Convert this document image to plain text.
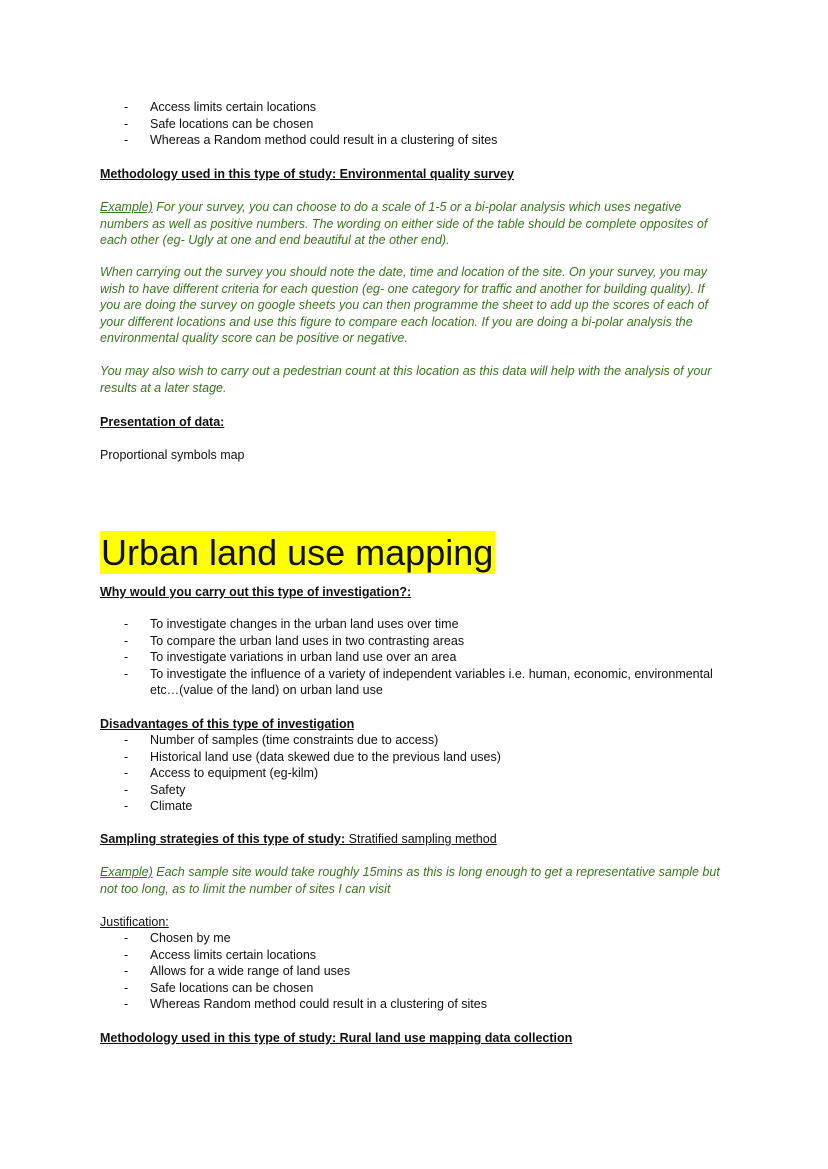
- Access limits certain locations
- Safe locations can be chosen
- Whereas a Random method could result in a clustering of sites
Methodology used in this type of study: Environmental quality survey

Example) For your survey, you can choose to do a scale of 1-5 or a bi-polar analysis which uses negative numbers as well as positive numbers. The wording on either side of the table should be complete opposites of each other (eg- Ugly at one and end beautiful at the other end).

When carrying out the survey you should note the date, time and location of the site. On your survey, you may wish to have different criteria for each question (eg- one category for traffic and another for building quality). If you are doing the survey on google sheets you can then programme the sheet to add up the scores of each of your different locations and use this figure to compare each location. If you are doing a bi-polar analysis the environmental quality score can be positive or negative.

You may also wish to carry out a pedestrian count at this location as this data will help with the analysis of your results at a later stage.

Presentation of data:
Proportional symbols map
Urban land use mapping
Why would you carry out this type of investigation?:
- To investigate changes in the urban land uses over time
- To compare the urban land uses in two contrasting areas
- To investigate variations in urban land use over an area
- To investigate the influence of a variety of independent variables i.e. human, economic, environmental etc…(value of the land) on urban land use
Disadvantages of this type of investigation
- Number of samples (time constraints due to access)
- Historical land use (data skewed due to the previous land uses)
- Access to equipment (eg-kilm)
- Safety
- Climate
Sampling strategies of this type of study: Stratified sampling method

Example) Each sample site would take roughly 15mins as this is long enough to get a representative sample but not too long, as to limit the number of sites I can visit

Justification:
- Chosen by me
- Access limits certain locations
- Allows for a wide range of land uses
- Safe locations can be chosen
- Whereas Random method could result in a clustering of sites
Methodology used in this type of study: Rural land use mapping data collection
